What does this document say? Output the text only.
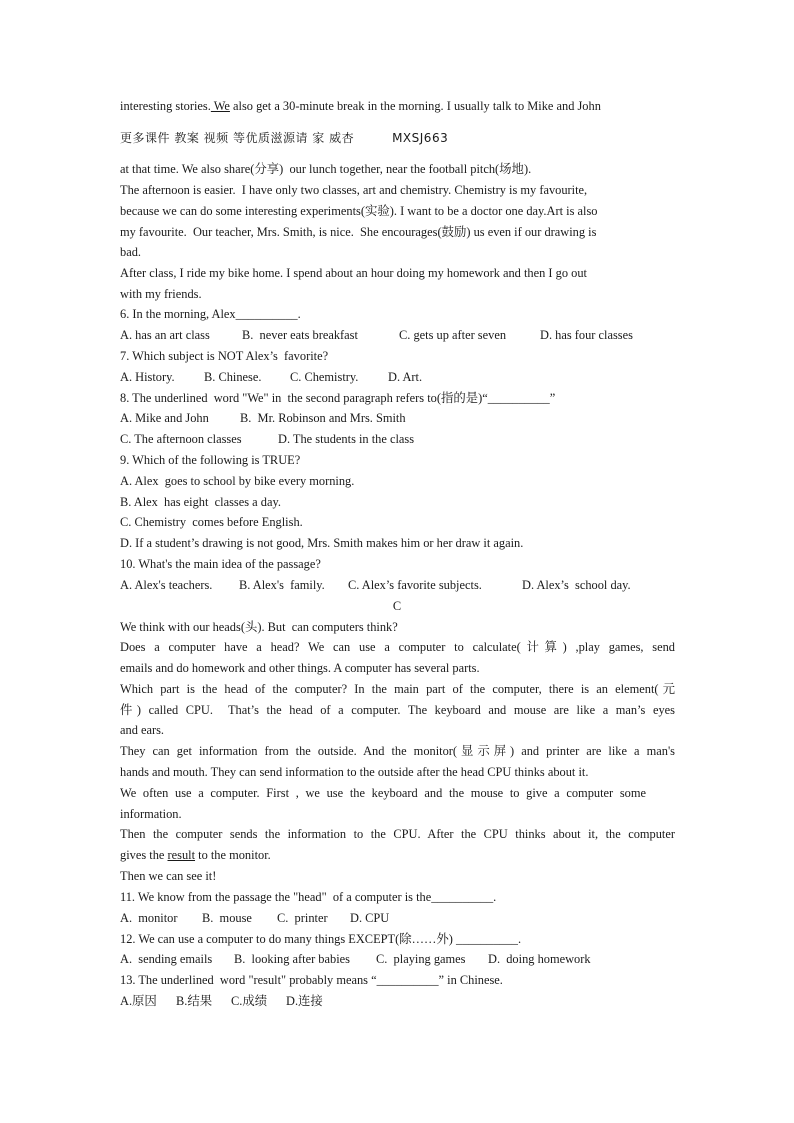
interesting stories. We also get a 30-minute break in the morning. I usually talk to Mike and John
更多课件 教案 视频 等优质滋源请 家 威杏	MXSJ663
at that time. We also share(分享)  our lunch together, near the football pitch(场地).
The afternoon is easier.  I have only two classes, art and chemistry. Chemistry is my favourite,
because we can do some interesting experiments(实验). I want to be a doctor one day.Art is also
my favourite.  Our teacher, Mrs. Smith, is nice.  She encourages(鼓励) us even if our drawing is
bad.
After class, I ride my bike home. I spend about an hour doing my homework and then I go out
with my friends.
6. In the morning, Alex__________.
A. has an art class	B.  never eats breakfast	C. gets up after seven	D. has four classes
7. Which subject is NOT Alex’s  favorite?
A. History. B. Chinese. C. Chemistry. D. Art.
8. The underlined  word "We" in  the second paragraph refers to(指的是)“__________”
A. Mike and John	B.  Mr. Robinson and Mrs. Smith
C. The afternoon classes	D. The students in the class
9. Which of the following is TRUE?
A. Alex  goes to school by bike every morning.
B. Alex  has eight  classes a day.
C. Chemistry  comes before English.
D. If a student’s drawing is not good, Mrs. Smith makes him or her draw it again.
10. What's the main idea of the passage?
A. Alex's teachers. B. Alex's  family. C. Alex’s favorite subjects.	D. Alex’s  school day.
C
We think with our heads(头). But  can computers think?
Does a computer have a head? We can use a computer to calculate(计算) ,play games, send
emails and do homework and other things. A computer has several parts.
Which part is the head of the computer? In the main part of the computer, there is an element(元
件) called CPU.  That’s the head of a computer. The keyboard and mouse are like a man’s eyes
and ears.
They can get information from the outside. And the monitor(显示屏) and printer are like a man's
hands and mouth. They can send information to the outside after the head CPU thinks about it.
We often use a computer. First , we use the keyboard and the mouse to give a computer some
information.
Then the computer sends the information to the CPU. After the CPU thinks about it, the computer
gives the result to the monitor.
Then we can see it!
11. We know from the passage the "head"  of a computer is the__________.
A.  monitor B.  mouse C.  printer D. CPU
12. We can use a computer to do many things EXCEPT(除……外) __________.
A.  sending emails B.  looking after babies C.  playing games D.  doing homework
13. The underlined  word "result" probably means “__________” in Chinese.
A.原因 B.结果 C.成绩 D.连接
